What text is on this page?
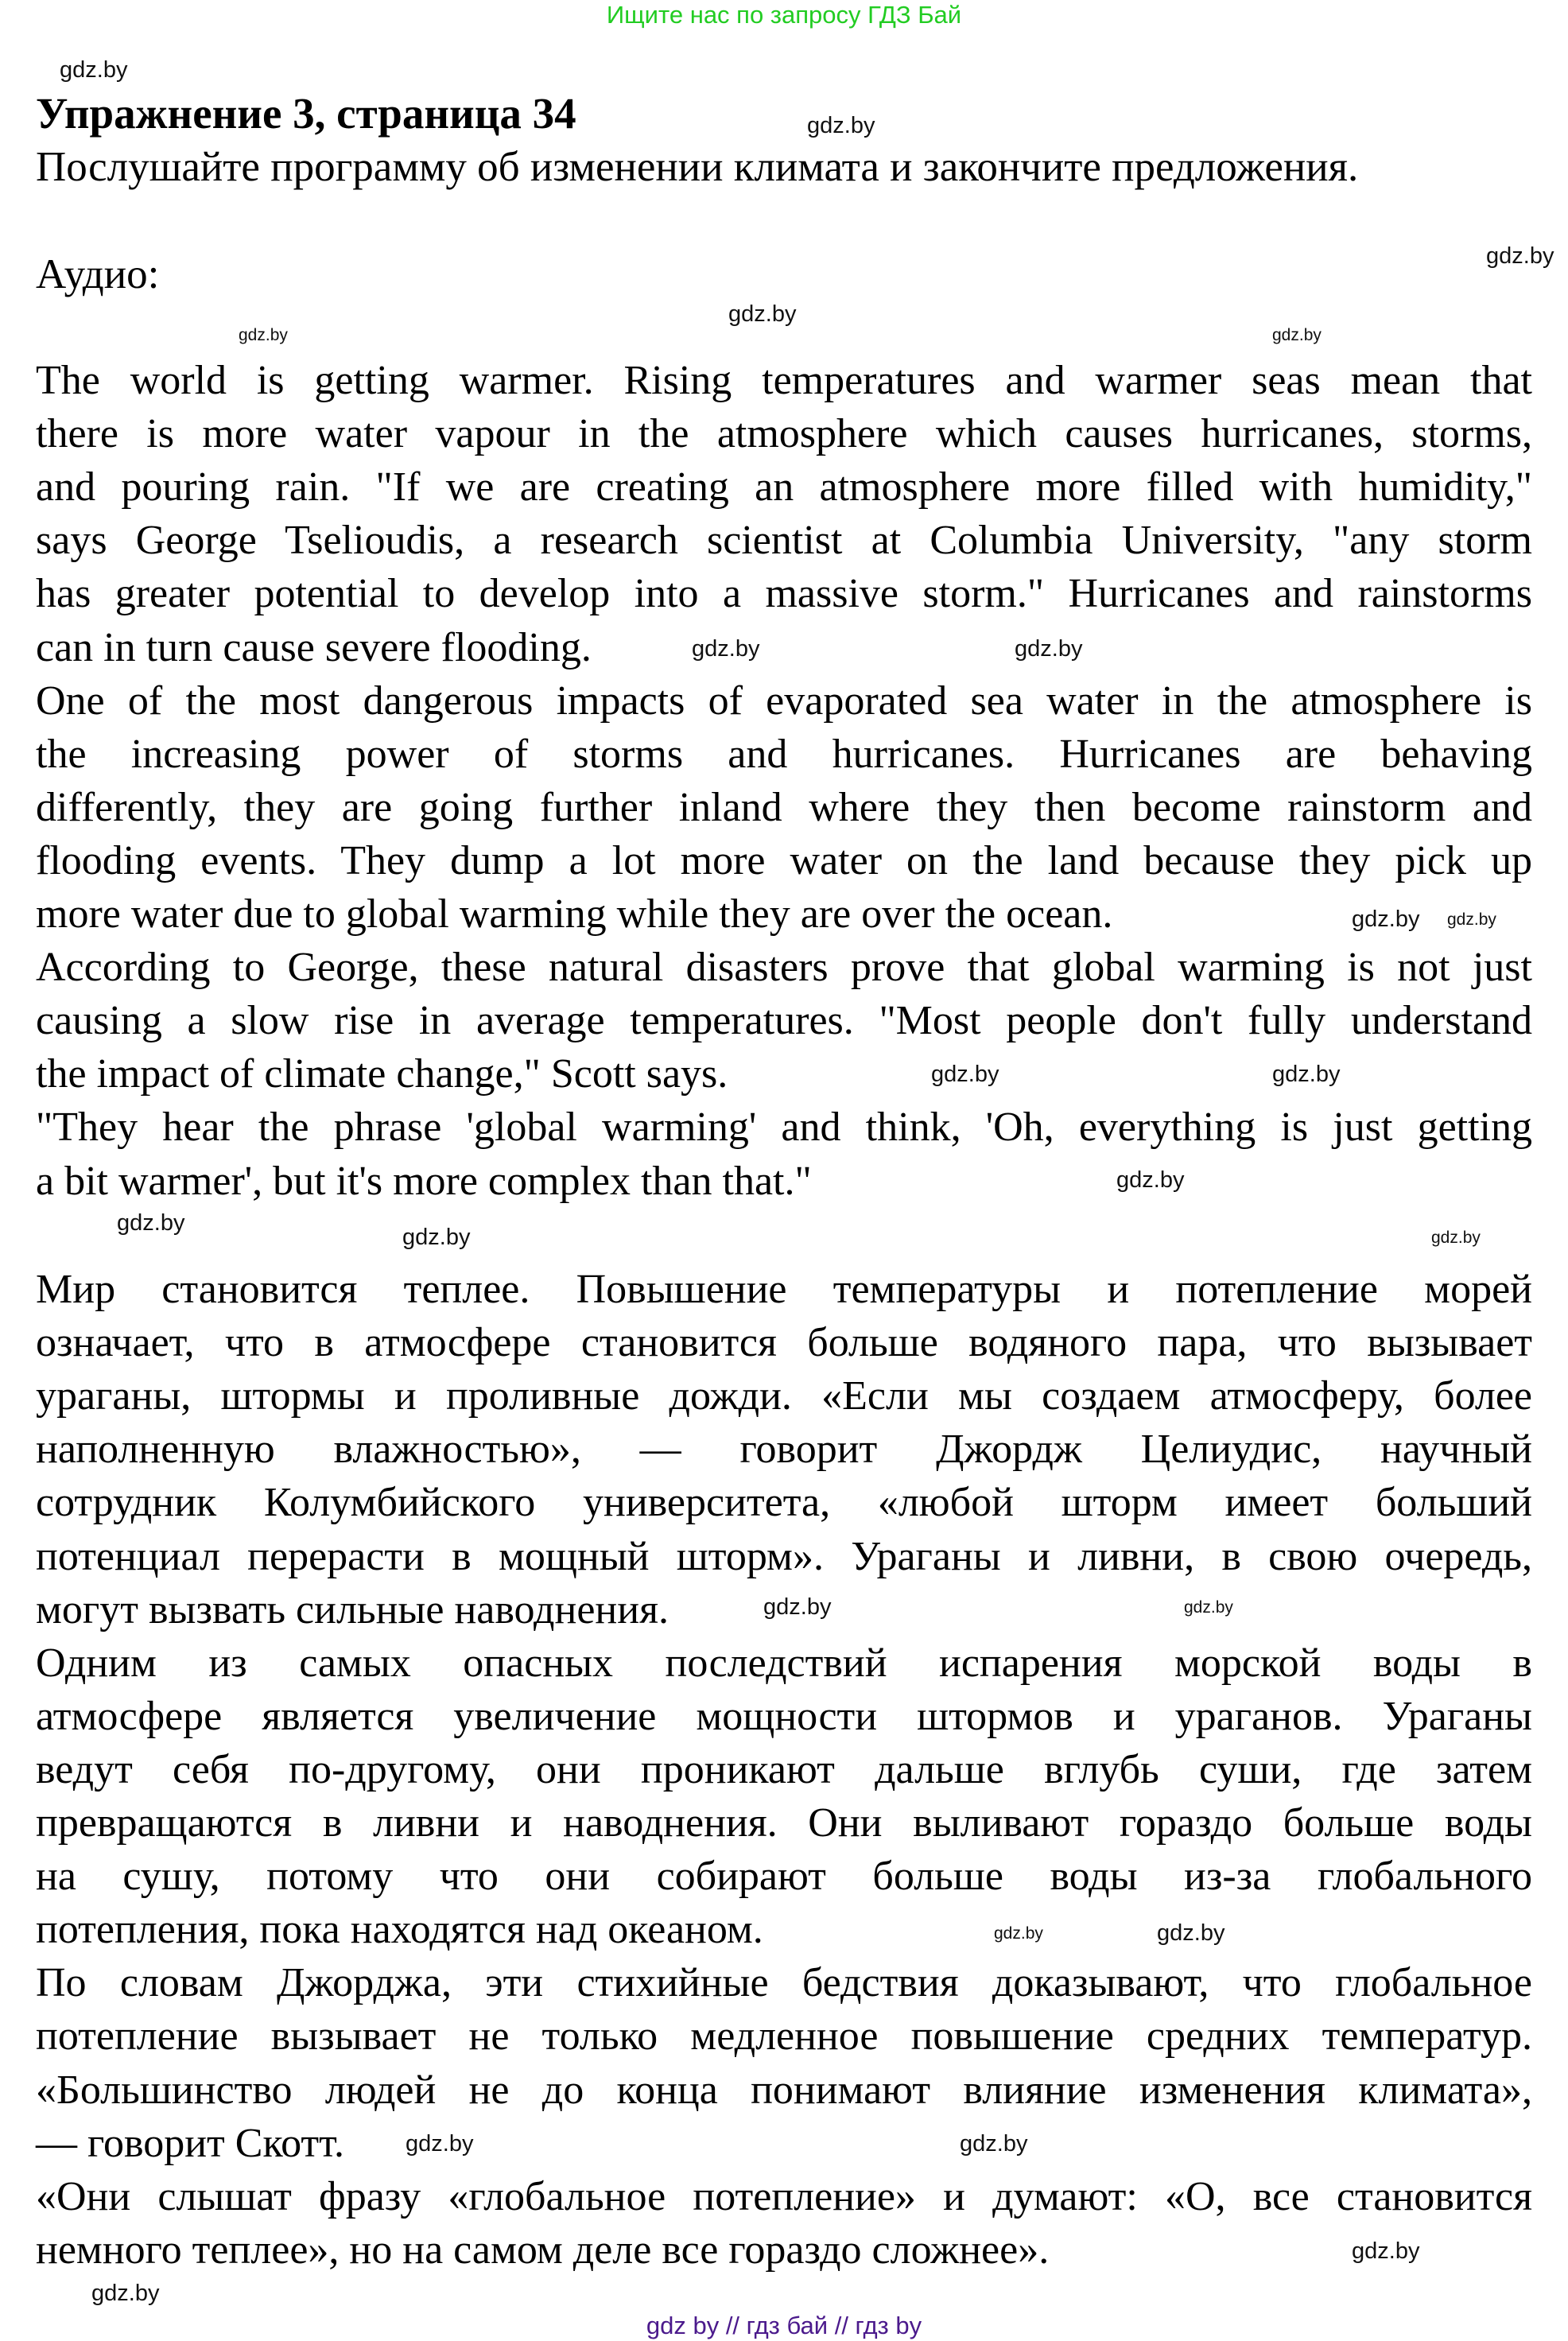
Ищите нас по запросу ГДЗ Бай
Упражнение 3, страница 34
Послушайте программу об изменении климата и закончите предложения.
Аудио:
The world is getting warmer. Rising temperatures and warmer seas mean that
there is more water vapour in the atmosphere which causes hurricanes, storms,
and pouring rain. "If we are creating an atmosphere more filled with humidity,"
says George Tselioudis, a research scientist at Columbia University, "any storm
has greater potential to develop into a massive storm." Hurricanes and rainstorms
can in turn cause severe flooding.
One of the most dangerous impacts of evaporated sea water in the atmosphere is
the increasing power of storms and hurricanes. Hurricanes are behaving
differently, they are going further inland where they then become rainstorm and
flooding events. They dump a lot more water on the land because they pick up
more water due to global warming while they are over the ocean.
According to George, these natural disasters prove that global warming is not just
causing a slow rise in average temperatures. "Most people don't fully understand
the impact of climate change," Scott says.
"They hear the phrase 'global warming' and think, 'Oh, everything is just getting
a bit warmer', but it's more complex than that."
Мир становится теплее. Повышение температуры и потепление морей
означает, что в атмосфере становится больше водяного пара, что вызывает
ураганы, штормы и проливные дожди. «Если мы создаем атмосферу, более
наполненную влажностью», — говорит Джордж Целиудис, научный
сотрудник Колумбийского университета, «любой шторм имеет больший
потенциал перерасти в мощный шторм». Ураганы и ливни, в свою очередь,
могут вызвать сильные наводнения.
Одним из самых опасных последствий испарения морской воды в
атмосфере является увеличение мощности штормов и ураганов. Ураганы
ведут себя по-другому, они проникают дальше вглубь суши, где затем
превращаются в ливни и наводнения. Они выливают гораздо больше воды
на сушу, потому что они собирают больше воды из-за глобального
потепления, пока находятся над океаном.
По словам Джорджа, эти стихийные бедствия доказывают, что глобальное
потепление вызывает не только медленное повышение средних температур.
«Большинство людей не до конца понимают влияние изменения климата»,
— говорит Скотт.
«Они слышат фразу «глобальное потепление» и думают: «О, все становится
немного теплее», но на самом деле все гораздо сложнее».
gdz.by
gdz.by
gdz.by
gdz.by
gdz.by	gdz.by
gdz.by	gdz.by
gdz.by gdz.by
gdz.by	gdz.by
gdz.by
gdz.by
gdz.by	gdz.by
gdz.by	gdz.by
gdz.by	gdz.by
gdz.by
gdz.by
gdz.by
gdz.by
gdz by // гдз бай // гдз by
